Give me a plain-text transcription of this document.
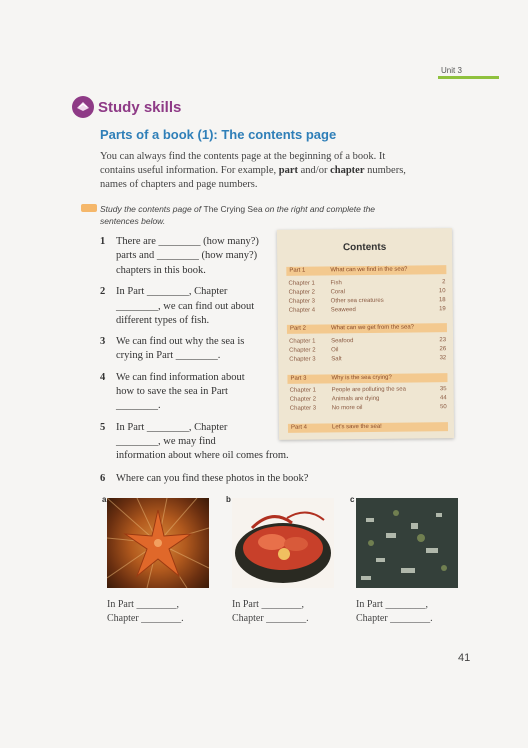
Unit 3
Study skills
Parts of a book (1): The contents page
You can always find the contents page at the beginning of a book. It
contains useful information. For example, part and/or chapter numbers,
names of chapters and page numbers.
Study the contents page of The Crying Sea on the right and complete the
sentences below.
1 There are ________ (how many?)
parts and ________ (how many?)
chapters in this book.
2 In Part ________, Chapter
________, we can find out about
different types of fish.
3 We can find out why the sea is
crying in Part ________.
4 We can find information about
how to save the sea in Part
________.
5 In Part ________, Chapter
________, we may find
information about where oil comes from.
6 Where can you find these photos in the book?
Contents
Part 1	What can we find in the sea?
Chapter 1	Fish	2
Chapter 2	Coral	10
Chapter 3	Other sea creatures	18
Chapter 4	Seaweed	19
Part 2	What can we get from the sea?
Chapter 1	Seafood	23
Chapter 2	Oil	26
Chapter 3	Salt	32
Part 3	Why is the sea crying?
Chapter 1	People are polluting the sea	35
Chapter 2	Animals are dying	44
Chapter 3	No more oil	50
Part 4	Let's save the sea!
a	b	c
In Part ________,
Chapter ________.
In Part ________,
Chapter ________.
In Part ________,
Chapter ________.
41
